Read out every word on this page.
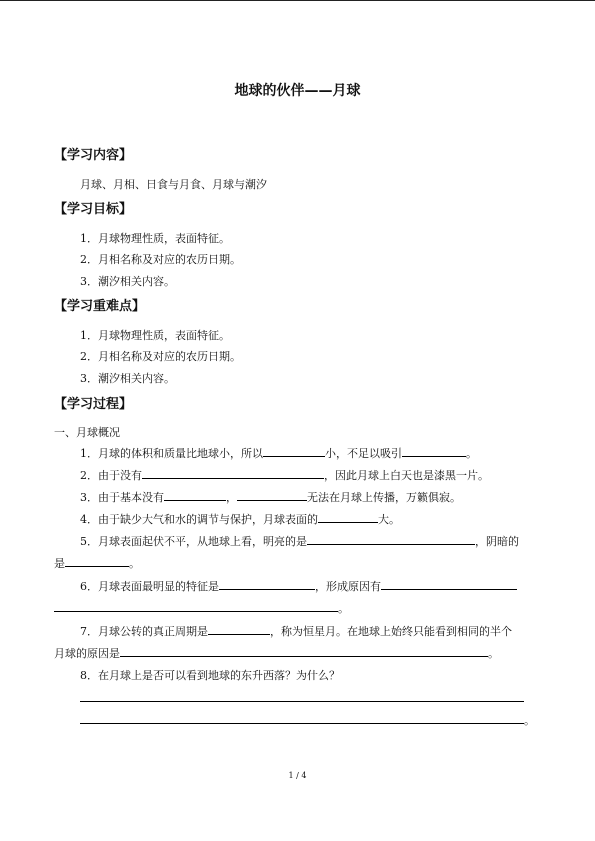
地球的伙伴——月球
【学习内容】
月球、月相、日食与月食、月球与潮汐
【学习目标】
1．月球物理性质，表面特征。
2．月相名称及对应的农历日期。
3．潮汐相关内容。
【学习重难点】
1．月球物理性质，表面特征。
2．月相名称及对应的农历日期。
3．潮汐相关内容。
【学习过程】
一、月球概况
1．月球的体积和质量比地球小，所以	小，不足以吸引	。
2．由于没有	，因此月球上白天也是漆黑一片。
3．由于基本没有	，	无法在月球上传播，万籁俱寂。
4．由于缺少大气和水的调节与保护，月球表面的	大。
5．月球表面起伏不平，从地球上看，明亮的是	，阴暗的
是	。
6．月球表面最明显的特征是	，形成原因有
。
7．月球公转的真正周期是	，称为恒星月。在地球上始终只能看到相同的半个
月球的原因是	。
8．在月球上是否可以看到地球的东升西落？为什么？
。
1 / 4
